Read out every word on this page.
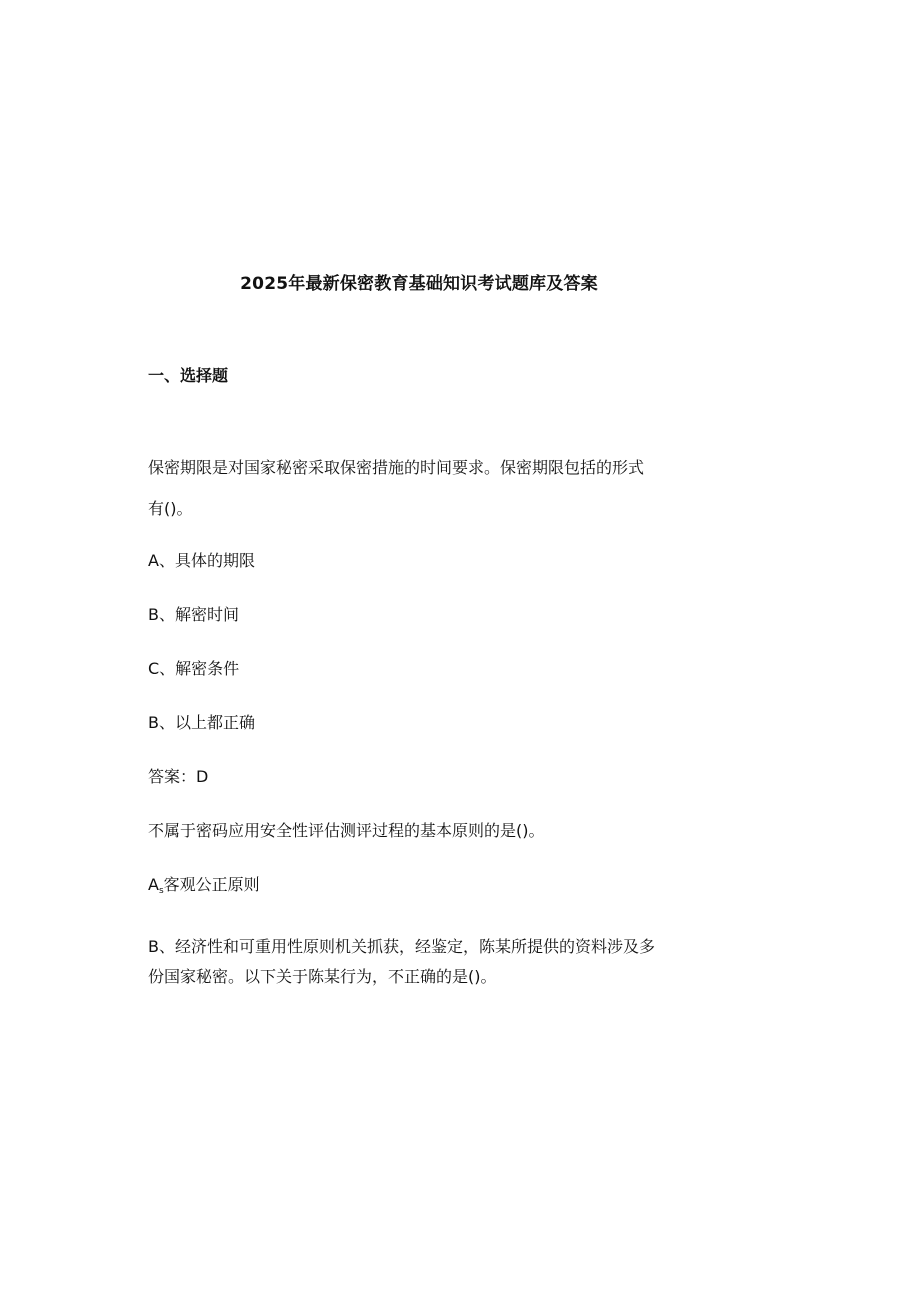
2025年最新保密教育基础知识考试题库及答案
一、选择题
保密期限是对国家秘密采取保密措施的时间要求。保密期限包括的形式
有()。
A、具体的期限
B、解密时间
C、解密条件
B、以上都正确
答案：D
不属于密码应用安全性评估测评过程的基本原则的是()。
$A_s$客观公正原则
B、经济性和可重用性原则机关抓获，经鉴定，陈某所提供的资料涉及多
份国家秘密。以下关于陈某行为，不正确的是()。
